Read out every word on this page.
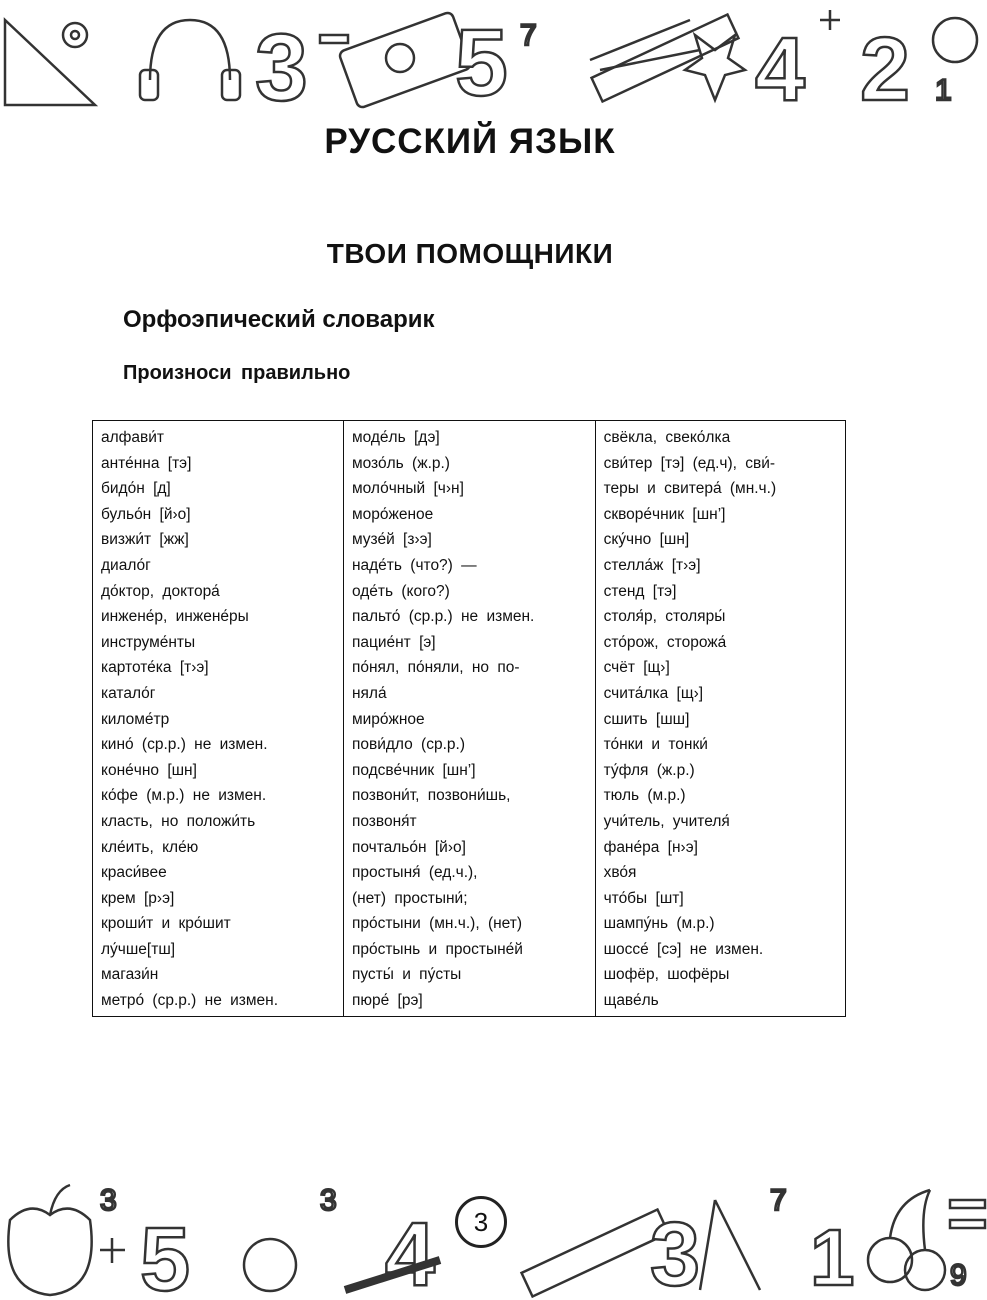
3 5 7 4 2 1
РУССКИЙ ЯЗЫК
ТВОИ ПОМОЩНИКИ
Орфоэпический словарик
Произноси правильно
алфави́т
анте́нна [тэ]
бидо́н [д]
бульо́н [й›о]
визжи́т [жж]
диало́г
до́ктор, доктора́
инжене́р, инжене́ры
инструме́нты
картоте́ка [т›э]
катало́г
киломе́тр
кино́ (ср.р.) не измен.
коне́чно [шн]
ко́фе (м.р.) не измен.
класть, но положи́ть
кле́ить, кле́ю
краси́вее
крем [р›э]
кроши́т и кро́шит
лу́чше[тш]
магази́н
метро́ (ср.р.) не измен.

моде́ль [дэ]
мозо́ль (ж.р.)
моло́чный [ч›н]
моро́женое
музе́й [з›э]
наде́ть (что?) —
оде́ть (кого?)
пальто́ (ср.р.) не измен.
пацие́нт [э]
по́нял, по́няли, но по-
няла́
миро́жное
пови́дло (ср.р.)
подсве́чник [шн’]
позвони́т, позвони́шь,
позвоня́т
почтальо́н [й›о]
простыня́ (ед.ч.),
(нет) простыни́;
про́стыни (мн.ч.), (нет)
про́стынь и простыне́й
пусты́ и пу́сты
пюре́ [рэ]

свёкла, свеко́лка
сви́тер [тэ] (ед.ч), сви́-
теры и свитера́ (мн.ч.)
скворе́чник [шн’]
ску́чно [шн]
стелла́ж [т›э]
стенд [тэ]
столя́р, столяры́
сто́рож, сторожа́
счёт [щ›]
счита́лка [щ›]
сшить [шш]
то́нки и тонки́
ту́фля (ж.р.)
тюль (м.р.)
учи́тель, учителя́
фане́ра [н›э]
хво́я
что́бы [шт]
шампу́нь (м.р.)
шоссе́ [сэ] не измен.
шофёр, шофёры
щаве́ль
3
5
3
4 3
7
1	9
3
